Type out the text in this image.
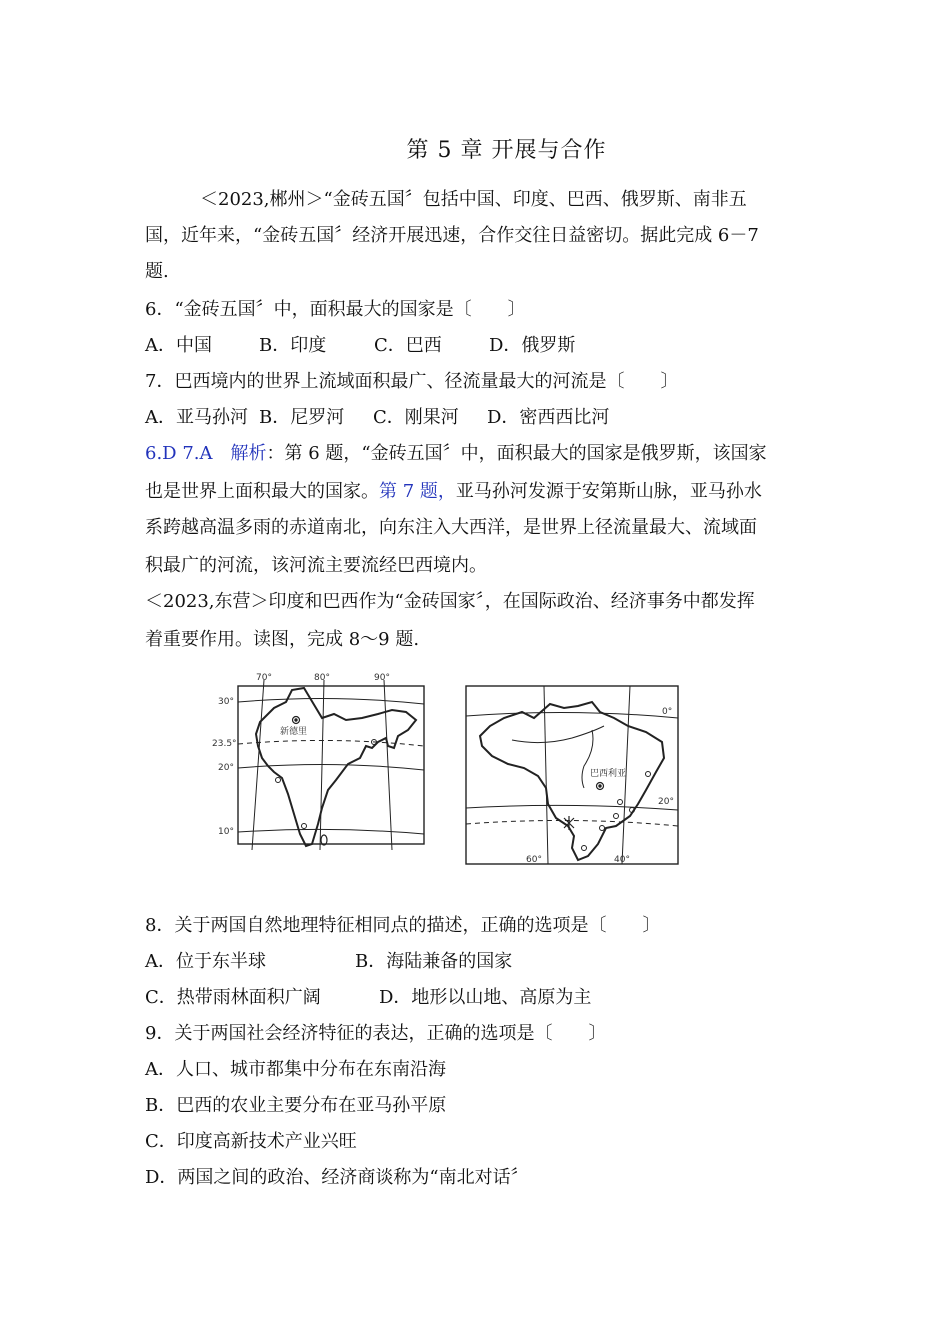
第 5 章 开展与合作
＜2023,郴州＞“金砖五国〞包括中国、印度、巴西、俄罗斯、南非五
国，近年来，“金砖五国〞经济开展迅速，合作交往日益密切。据此完成 6－7
题.
6．“金砖五国〞中，面积最大的国家是〔　　〕
A．中国	B．印度	C．巴西	D．俄罗斯
7．巴西境内的世界上流域面积最广、径流量最大的河流是〔　　〕
A．亚马孙河 B．尼罗河 C．刚果河 D．密西西比河
6.D 7.A　解析：第 6 题，“金砖五国〞中，面积最大的国家是俄罗斯，该国家
也是世界上面积最大的国家。第 7 题，亚马孙河发源于安第斯山脉，亚马孙水
系跨越高温多雨的赤道南北，向东注入大西洋，是世界上径流量最大、流域面
积最广的河流，该河流主要流经巴西境内。
＜2023,东营＞印度和巴西作为“金砖国家〞，在国际政治、经济事务中都发挥
着重要作用。读图，完成 8～9 题.
70°	80°	90°
30°
23.5°
20°
10°
新德里
0°
20°
60°	40°
巴西利亚
8．关于两国自然地理特征相同点的描述，正确的选项是〔　　〕
A．位于东半球	B．海陆兼备的国家
C．热带雨林面积广阔	D．地形以山地、高原为主
9．关于两国社会经济特征的表达，正确的选项是〔　　〕
A．人口、城市都集中分布在东南沿海
B．巴西的农业主要分布在亚马孙平原
C．印度高新技术产业兴旺
D．两国之间的政治、经济商谈称为“南北对话〞
